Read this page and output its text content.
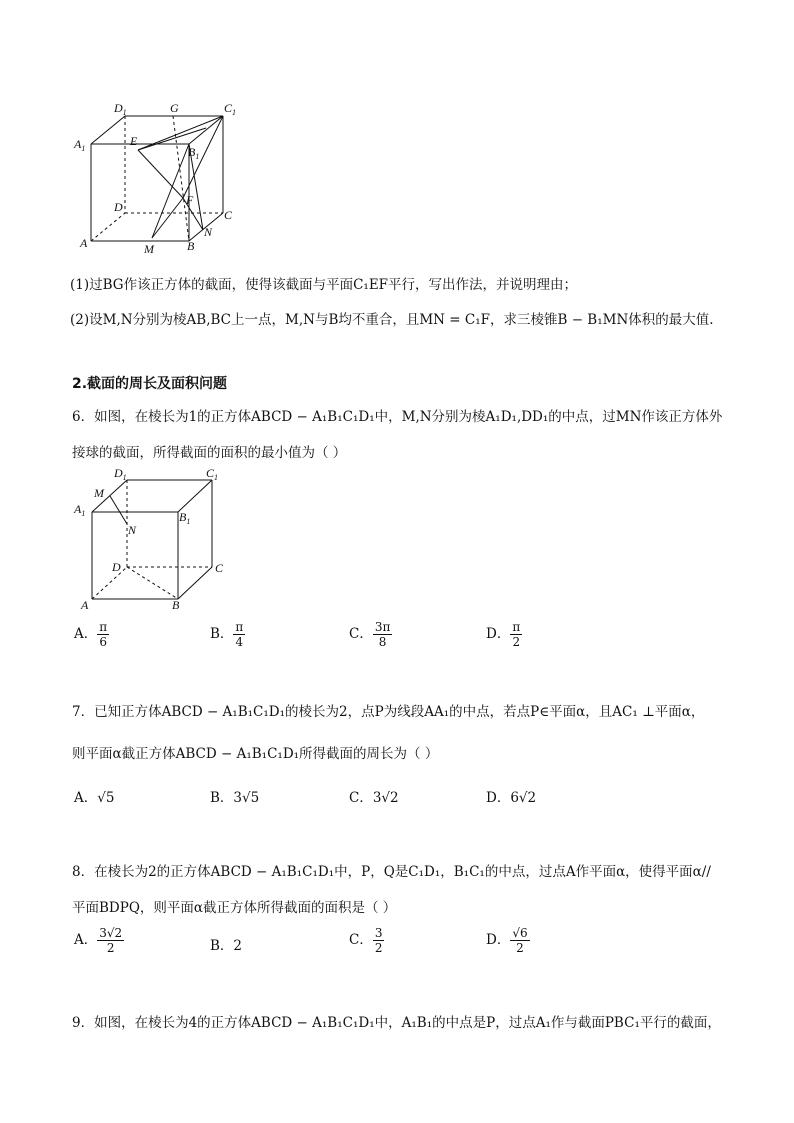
$D_1$	G	$C_1$
$A_1$
E
$B_1$
D	F
C
A
N
M	B
(1)过BG作该正方体的截面，使得该截面与平面C₁EF平行，写出作法，并说明理由；
(2)设M,N分别为棱AB,BC上一点，M,N与B均不重合，且MN = C₁F，求三棱锥B − B₁MN体积的最大值.
2.截面的周长及面积问题
6．如图，在棱长为1的正方体ABCD − A₁B₁C₁D₁中，M,N分别为棱A₁D₁,DD₁的中点，过MN作该正方体外
接球的截面，所得截面的面积的最小值为（ ）
$D_1$	$C_1$
M
$A_1$	$B_1$
N
D	C
A	B
A． $\frac{\pi}{6}$	B． $\frac{\pi}{4}$	C． $\frac{3\pi}{8}$	D． $\frac{\pi}{2}$
7．已知正方体ABCD − A₁B₁C₁D₁的棱长为2，点P为线段AA₁的中点，若点P∈平面α，且AC₁ ⊥平面α，
则平面α截正方体ABCD − A₁B₁C₁D₁所得截面的周长为（ ）
A．√5	B．3√5	C．3√2	D．6√2
8．在棱长为2的正方体ABCD − A₁B₁C₁D₁中，P，Q是C₁D₁，B₁C₁的中点，过点A作平面α，使得平面α//
平面BDPQ，则平面α截正方体所得截面的面积是（ ）
A． $\frac{3√2}{2}$	B．2	C． $\frac{3}{2}$	D． $\frac{√6}{2}$
9．如图，在棱长为4的正方体ABCD − A₁B₁C₁D₁中，A₁B₁的中点是P，过点A₁作与截面PBC₁平行的截面，
